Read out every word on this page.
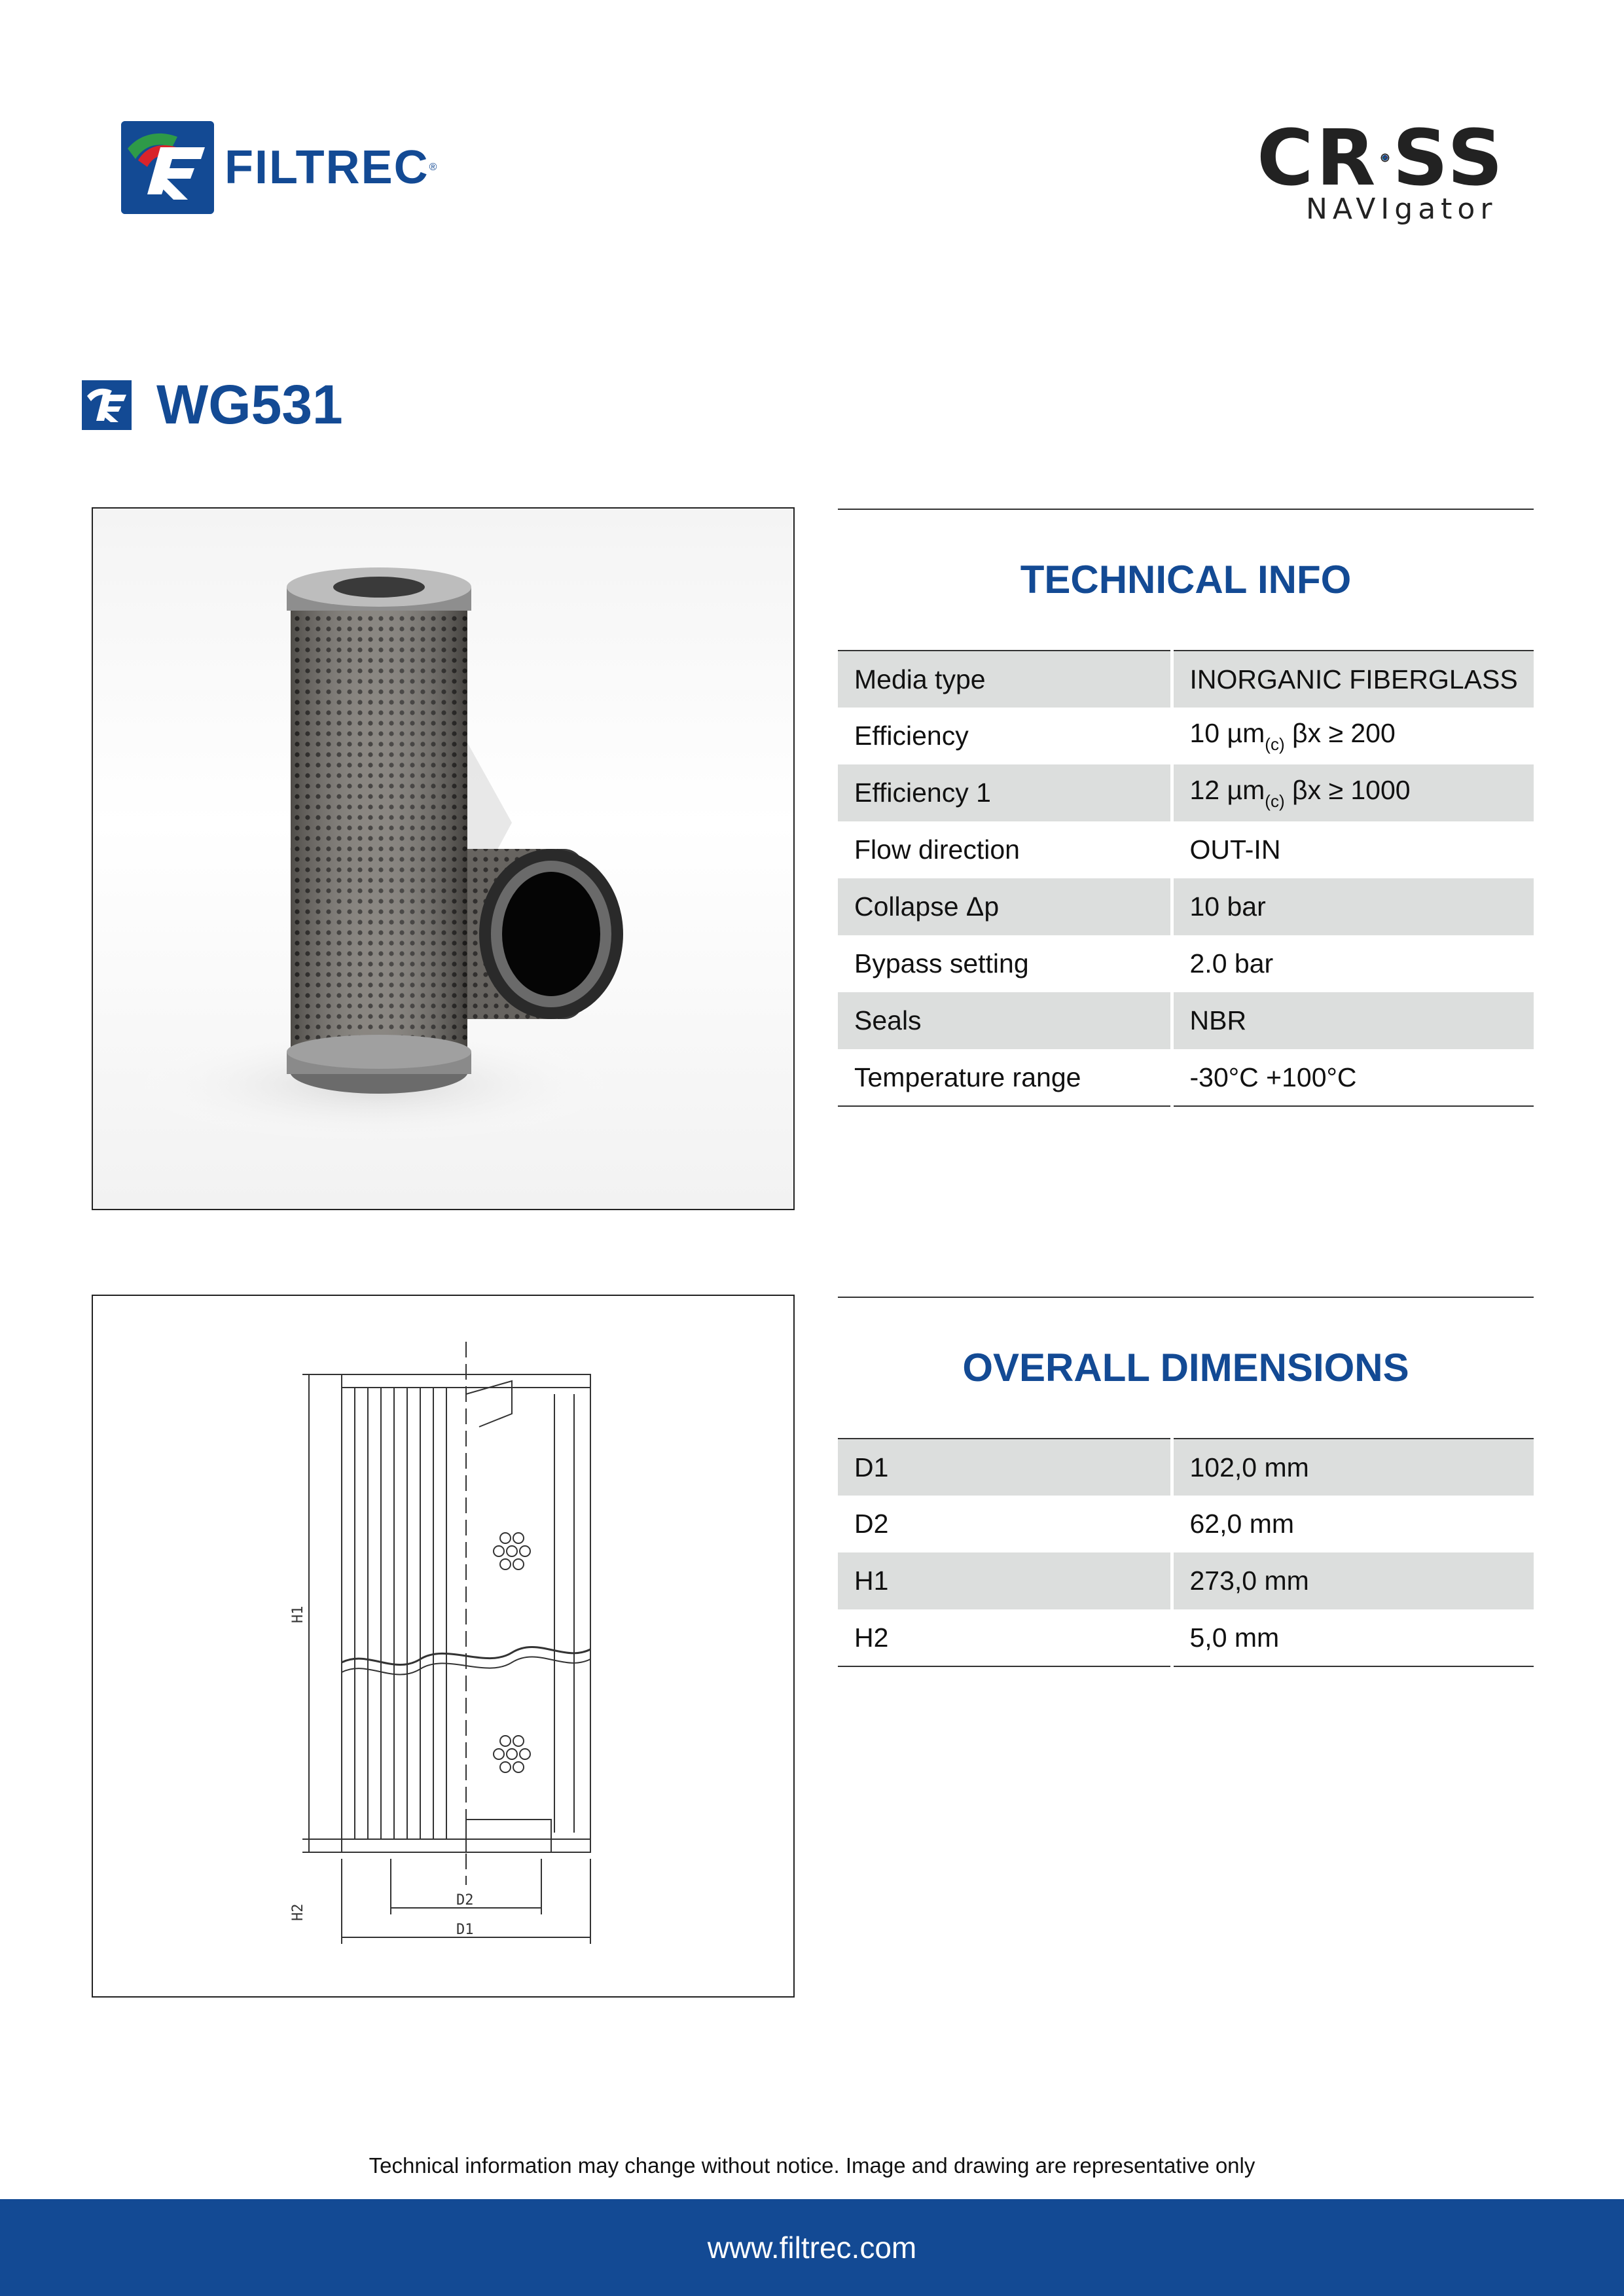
FILTREC ®	CR SS
NAVIgator
WG531
TECHNICAL INFO
Media type	INORGANIC FIBERGLASS
Efficiency	10 µm$_{(c)}$ βx ≥ 200
Efficiency 1	12 µm$_{(c)}$ βx ≥ 1000
Flow direction	OUT-IN
Collapse Δp	10 bar
Bypass setting	2.0 bar
Seals	NBR
Temperature range	-30°C +100°C
H1
H2
D2
D1
OVERALL DIMENSIONS
D1	102,0 mm
D2	62,0 mm
H1	273,0 mm
H2	5,0 mm
Technical information may change without notice. Image and drawing are representative only
www.filtrec.com
